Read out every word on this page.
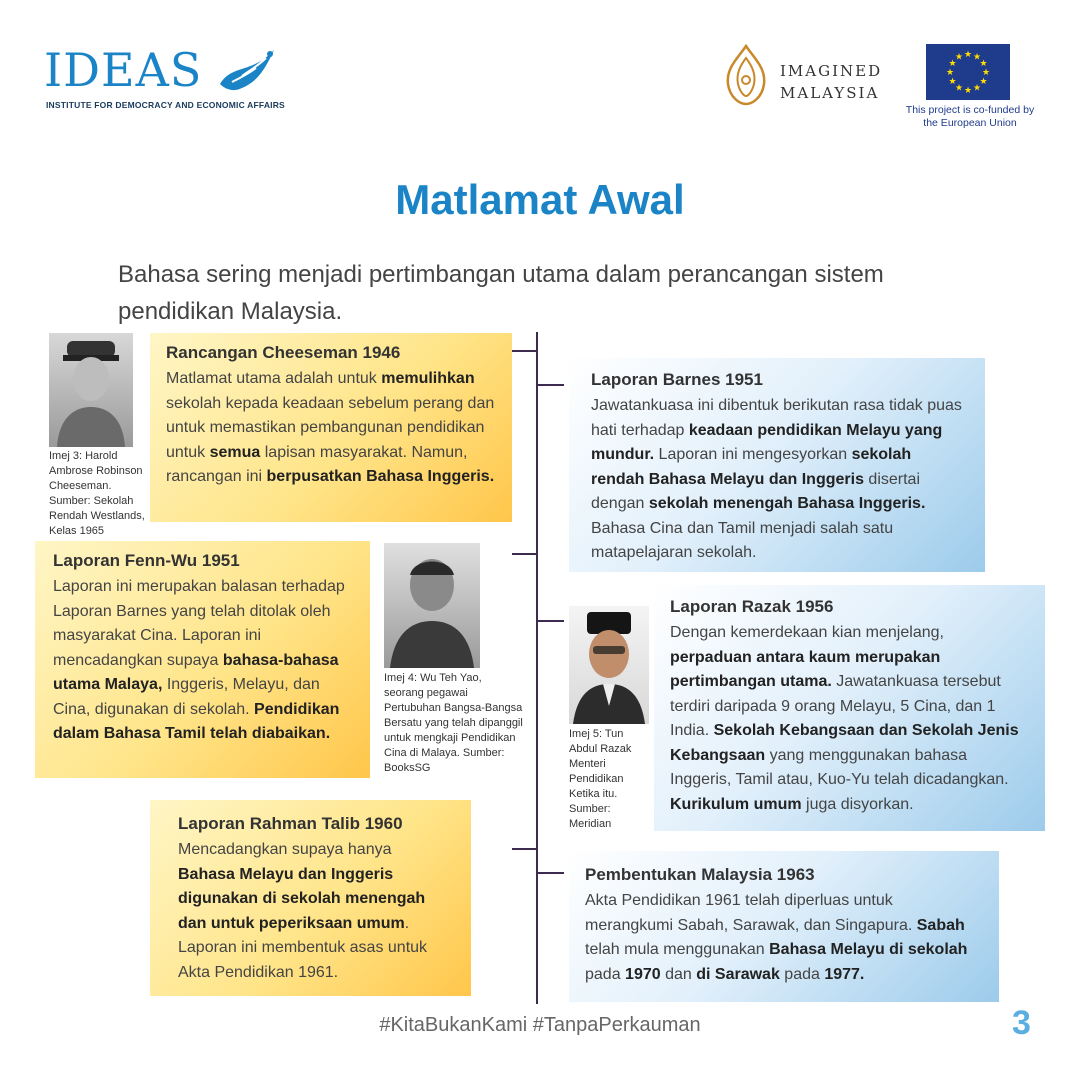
IDEAS
INSTITUTE FOR DEMOCRACY AND ECONOMIC AFFAIRS
IMAGINED
MALAYSIA
★ ★
★
★
★
★
★
★
★
★
★
★
This project is co-funded by
the European Union
Matlamat Awal
Bahasa sering menjadi pertimbangan utama dalam perancangan sistem pendidikan Malaysia.
Imej 3: Harold Ambrose Robinson Cheeseman. Sumber: Sekolah Rendah Westlands, Kelas 1965
Rancangan Cheeseman 1946
Matlamat utama adalah untuk memulihkan sekolah kepada keadaan sebelum perang dan untuk memastikan pembangunan pendidikan untuk semua lapisan masyarakat. Namun, rancangan ini berpusatkan Bahasa Inggeris.
Laporan Barnes 1951
Jawatankuasa ini dibentuk berikutan rasa tidak puas hati terhadap keadaan pendidikan Melayu yang mundur. Laporan ini mengesyorkan sekolah rendah Bahasa Melayu dan Inggeris disertai dengan sekolah menengah Bahasa Inggeris. Bahasa Cina dan Tamil menjadi salah satu matapelajaran sekolah.
Laporan Fenn-Wu 1951
Laporan ini merupakan balasan terhadap Laporan Barnes yang telah ditolak oleh masyarakat Cina. Laporan ini mencadangkan supaya bahasa-bahasa utama Malaya, Inggeris, Melayu, dan Cina, digunakan di sekolah. Pendidikan dalam Bahasa Tamil telah diabaikan.
Imej 4: Wu Teh Yao, seorang pegawai Pertubuhan Bangsa-Bangsa Bersatu yang telah dipanggil untuk mengkaji Pendidikan Cina di Malaya. Sumber: BooksSG
Imej 5: Tun Abdul Razak Menteri Pendidikan Ketika itu. Sumber: Meridian
Laporan Razak 1956
Dengan kemerdekaan kian menjelang, perpaduan antara kaum merupakan pertimbangan utama. Jawatankuasa tersebut terdiri daripada 9 orang Melayu, 5 Cina, dan 1 India. Sekolah Kebangsaan dan Sekolah Jenis Kebangsaan yang menggunakan bahasa Inggeris, Tamil atau, Kuo-Yu telah dicadangkan. Kurikulum umum juga disyorkan.
Laporan Rahman Talib 1960
Mencadangkan supaya hanya Bahasa Melayu dan Inggeris digunakan di sekolah menengah dan untuk peperiksaan umum. Laporan ini membentuk asas untuk Akta Pendidikan 1961.
Pembentukan Malaysia 1963
Akta Pendidikan 1961 telah diperluas untuk merangkumi Sabah, Sarawak, dan Singapura. Sabah telah mula menggunakan Bahasa Melayu di sekolah pada 1970 dan di Sarawak pada 1977.
#KitaBukanKami #TanpaPerkauman	3
